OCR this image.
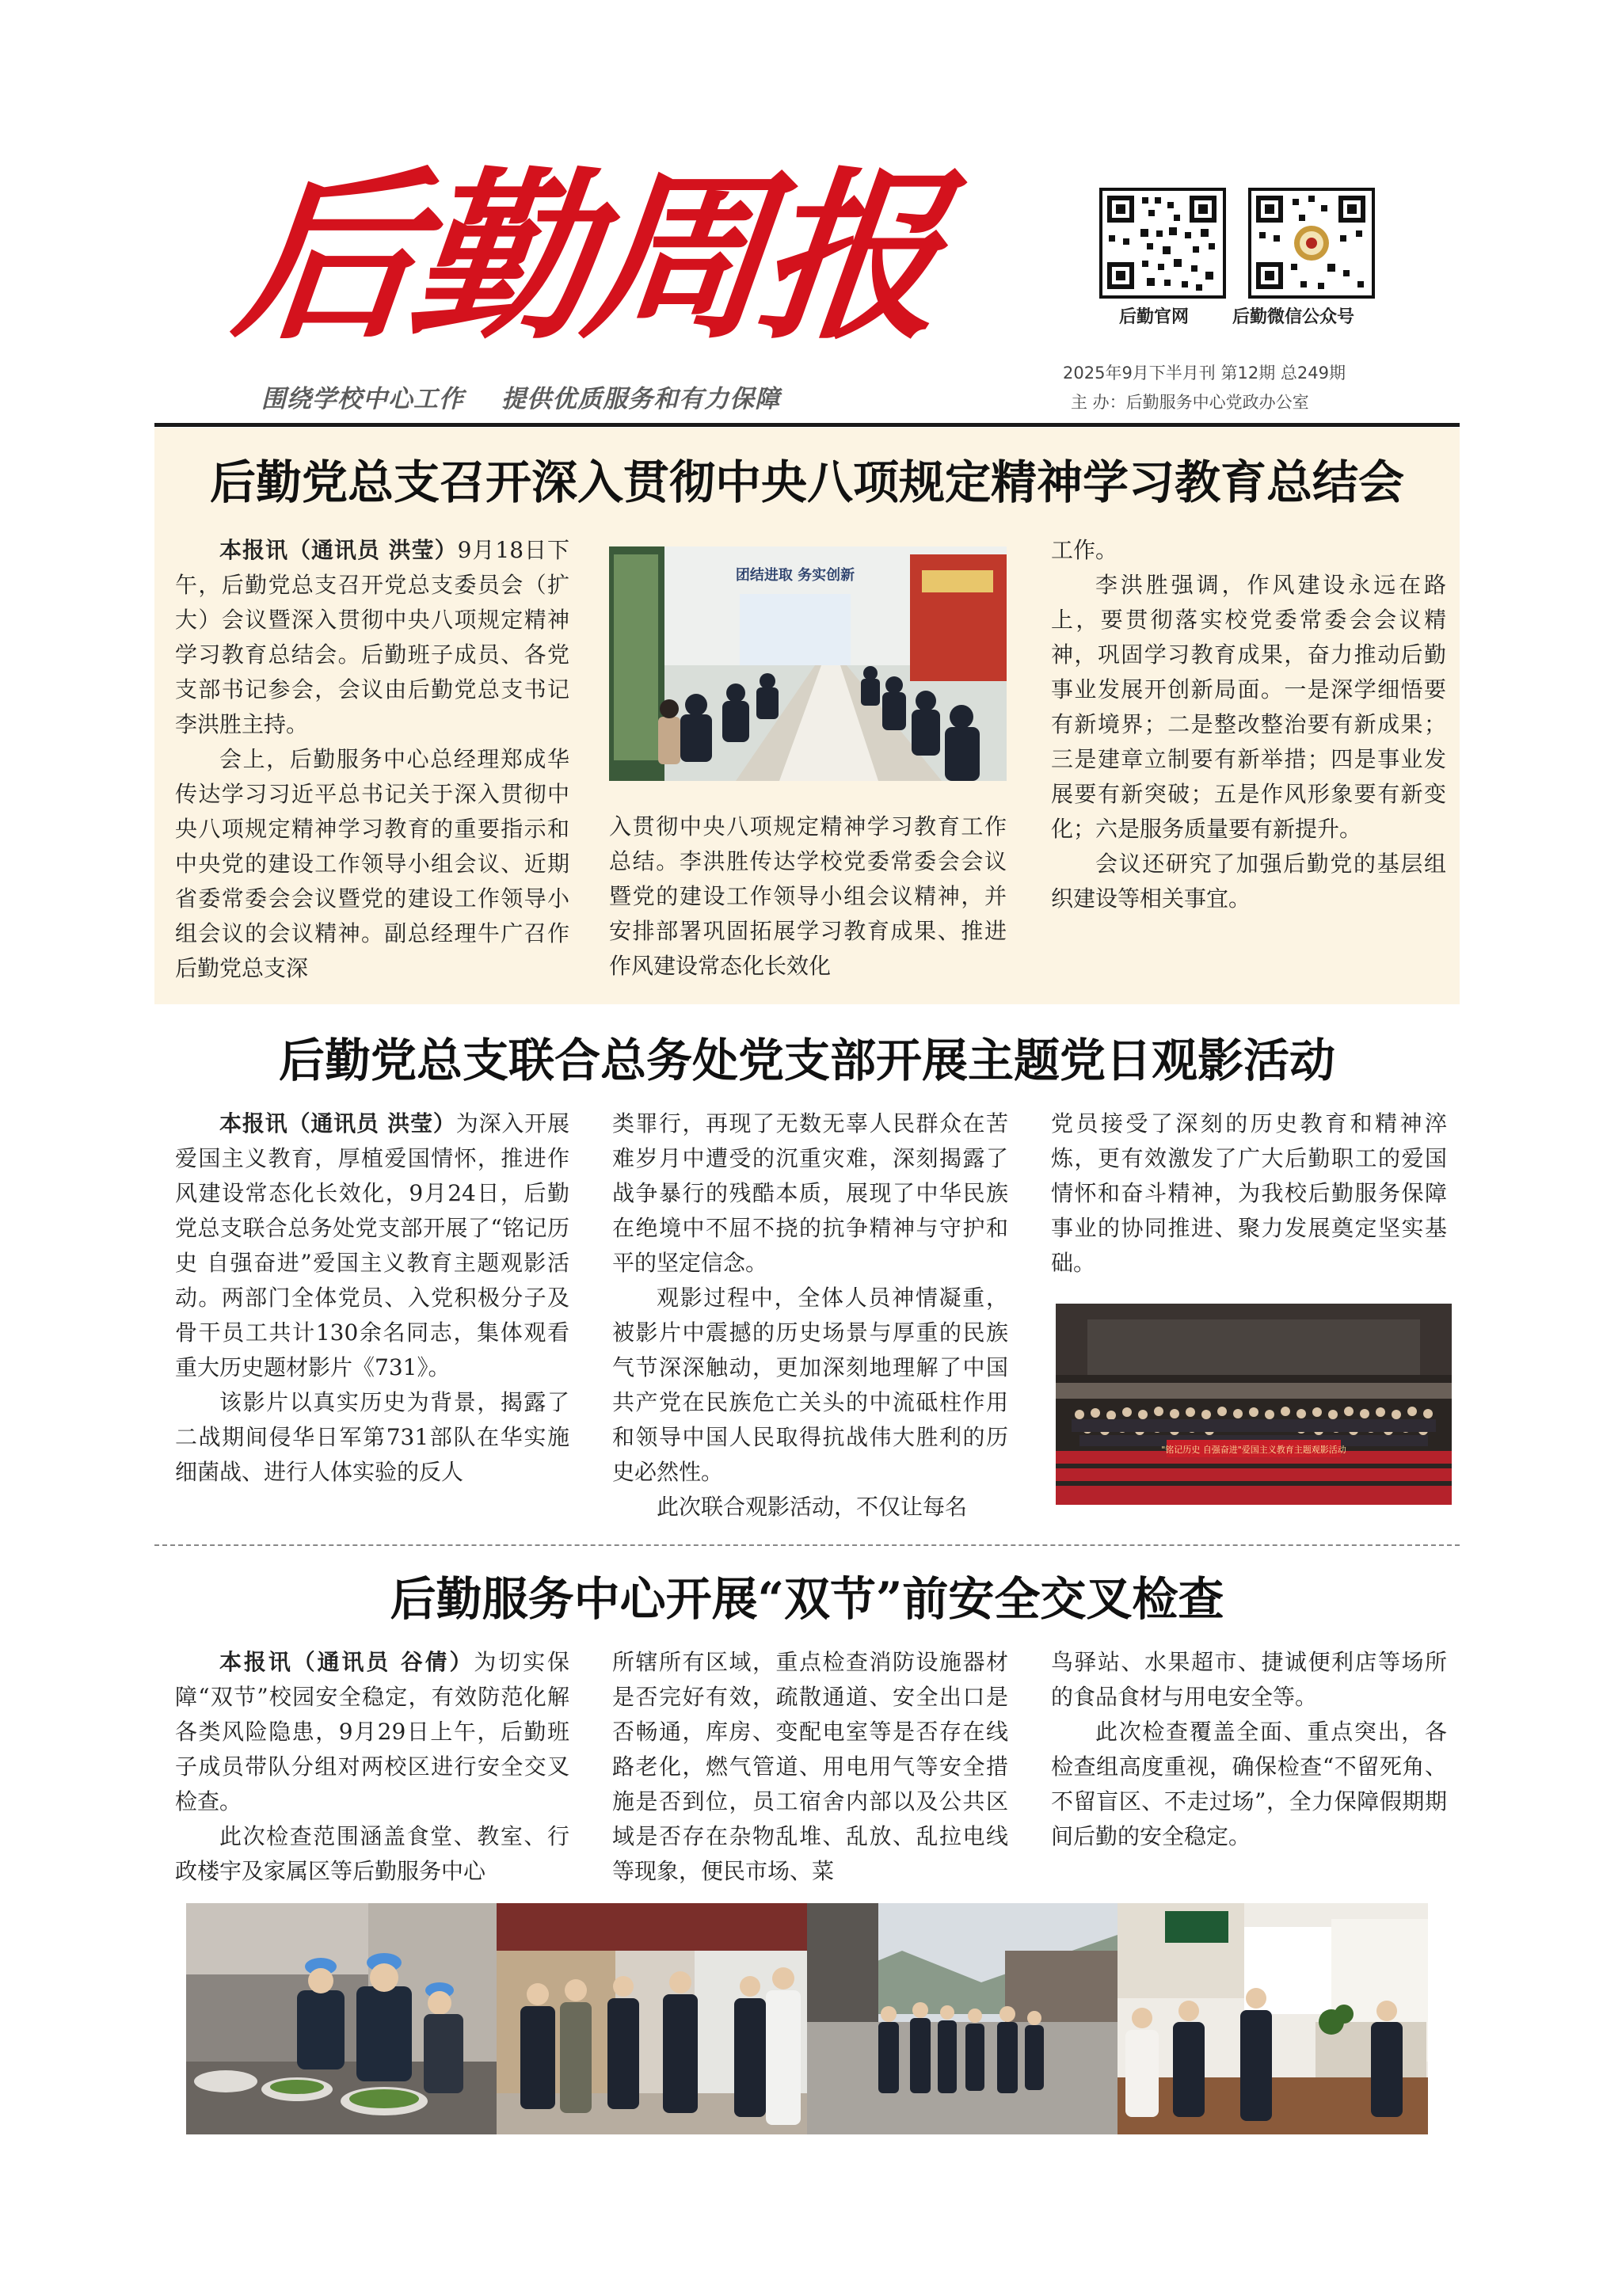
后勤周报
围绕学校中心工作    提供优质服务和有力保障
后勤官网 后勤微信公众号
2025年9月下半月刊 第12期 总249期
主 办：后勤服务中心党政办公室
后勤党总支召开深入贯彻中央八项规定精神学习教育总结会

本报讯（通讯员 洪莹）9月18日下午，后勤党总支召开党总支委员会（扩大）会议暨深入贯彻中央八项规定精神学习教育总结会。后勤班子成员、各党支部书记参会，会议由后勤党总支书记李洪胜主持。

会上，后勤服务中心总经理郑成华传达学习习近平总书记关于深入贯彻中央八项规定精神学习教育的重要指示和中央党的建设工作领导小组会议、近期省委常委会会议暨党的建设工作领导小组会议的会议精神。副总经理牛广召作后勤党总支深

团结进取 务实创新

入贯彻中央八项规定精神学习教育工作总结。李洪胜传达学校党委常委会会议暨党的建设工作领导小组会议精神，并安排部署巩固拓展学习教育成果、推进作风建设常态化长效化

工作。

李洪胜强调，作风建设永远在路上，要贯彻落实校党委常委会会议精神，巩固学习教育成果，奋力推动后勤事业发展开创新局面。一是深学细悟要有新境界；二是整改整治要有新成果；三是建章立制要有新举措；四是事业发展要有新突破；五是作风形象要有新变化；六是服务质量要有新提升。

会议还研究了加强后勤党的基层组织建设等相关事宜。

后勤党总支联合总务处党支部开展主题党日观影活动

本报讯（通讯员 洪莹）为深入开展爱国主义教育，厚植爱国情怀，推进作风建设常态化长效化，9月24日，后勤党总支联合总务处党支部开展了“铭记历史 自强奋进”爱国主义教育主题观影活动。两部门全体党员、入党积极分子及骨干员工共计130余名同志，集体观看重大历史题材影片《731》。

该影片以真实历史为背景，揭露了二战期间侵华日军第731部队在华实施细菌战、进行人体实验的反人

类罪行，再现了无数无辜人民群众在苦难岁月中遭受的沉重灾难，深刻揭露了战争暴行的残酷本质，展现了中华民族在绝境中不屈不挠的抗争精神与守护和平的坚定信念。

观影过程中，全体人员神情凝重，被影片中震撼的历史场景与厚重的民族气节深深触动，更加深刻地理解了中国共产党在民族危亡关头的中流砥柱作用和领导中国人民取得抗战伟大胜利的历史必然性。

此次联合观影活动，不仅让每名

党员接受了深刻的历史教育和精神淬炼，更有效激发了广大后勤职工的爱国情怀和奋斗精神，为我校后勤服务保障事业的协同推进、聚力发展奠定坚实基础。

"铭记历史 自强奋进"爱国主义教育主题观影活动
后勤服务中心开展“双节”前安全交叉检查

本报讯（通讯员 谷倩）为切实保障“双节”校园安全稳定，有效防范化解各类风险隐患，9月29日上午，后勤班子成员带队分组对两校区进行安全交叉检查。

此次检查范围涵盖食堂、教室、行政楼宇及家属区等后勤服务中心

所辖所有区域，重点检查消防设施器材是否完好有效，疏散通道、安全出口是否畅通，库房、变配电室等是否存在线路老化，燃气管道、用电用气等安全措施是否到位，员工宿舍内部以及公共区域是否存在杂物乱堆、乱放、乱拉电线等现象，便民市场、菜

鸟驿站、水果超市、捷诚便利店等场所的食品食材与用电安全等。

此次检查覆盖全面、重点突出，各检查组高度重视，确保检查“不留死角、不留盲区、不走过场”，全力保障假期期间后勤的安全稳定。
